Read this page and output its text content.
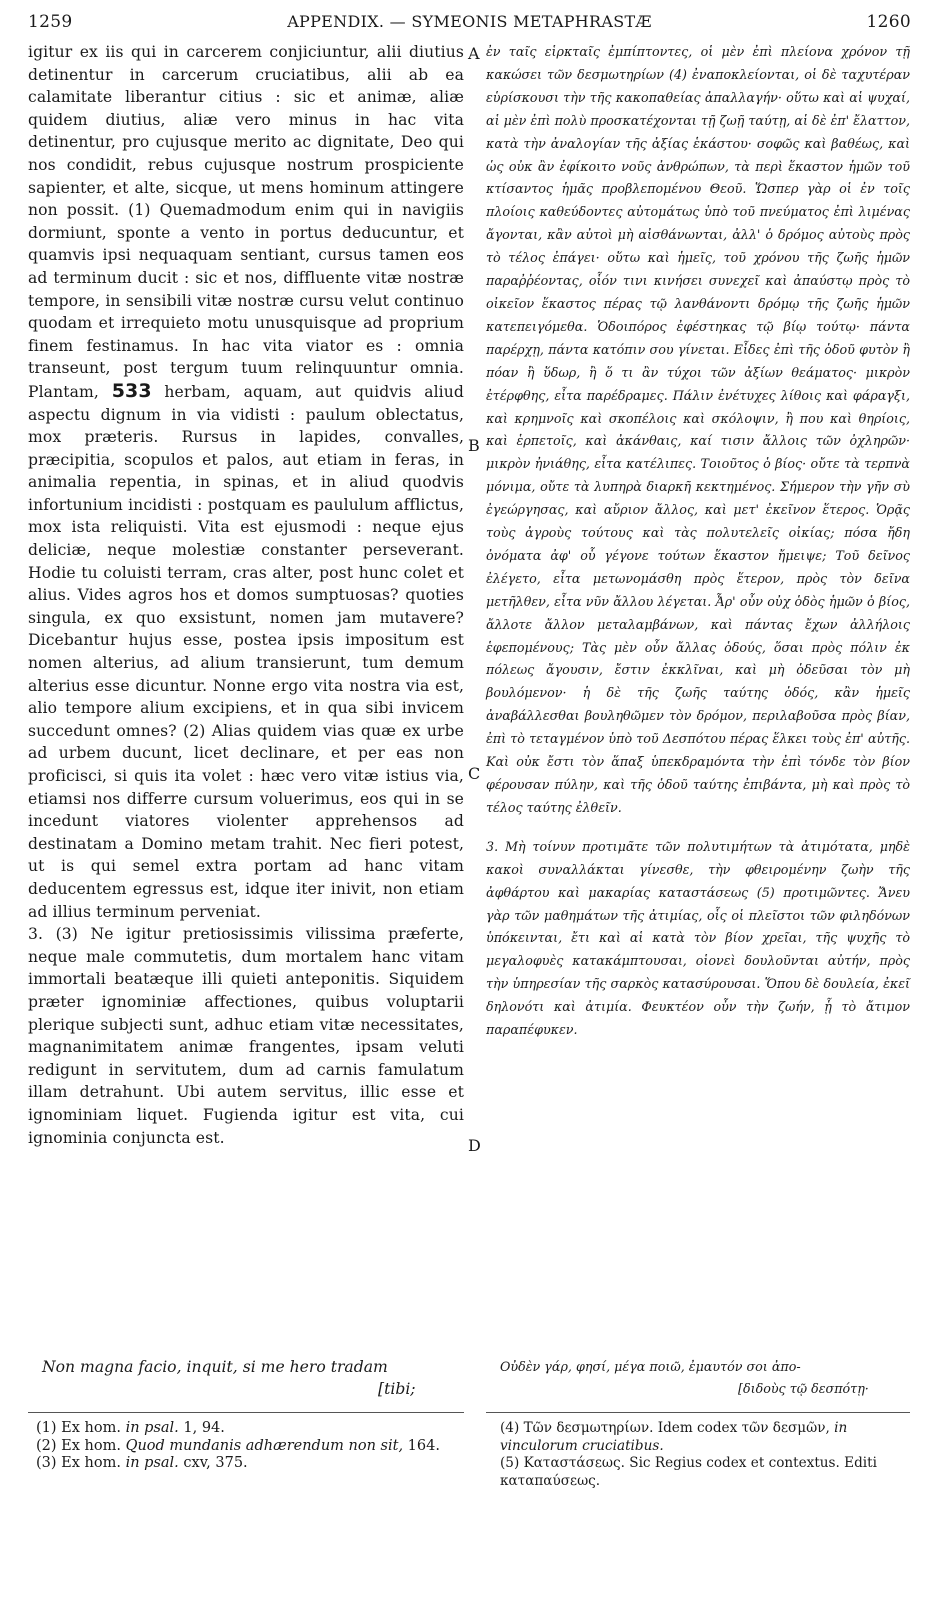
1259	APPENDIX. — SYMEONIS METAPHRASTÆ	1260

igitur ex iis qui in carcerem conjiciuntur, alii diutius detinentur in carcerum cruciatibus, alii ab ea calamitate liberantur citius : sic et animæ, aliæ quidem diutius, aliæ vero minus in hac vita detinentur, pro cujusque merito ac dignitate, Deo qui nos condidit, rebus cujusque nostrum prospiciente sapienter, et alte, sicque, ut mens hominum attingere non possit. (1) Quemadmodum enim qui in navigiis dormiunt, sponte a vento in portus deducuntur, et quamvis ipsi nequaquam sentiant, cursus tamen eos ad terminum ducit : sic et nos, diffluente vitæ nostræ tempore, in sensibili vitæ nostræ cursu velut continuo quodam et irrequieto motu unusquisque ad proprium finem festinamus. In hac vita viator es : omnia transeunt, post tergum tuum relinquuntur omnia. Plantam, 533 herbam, aquam, aut quidvis aliud aspectu dignum in via vidisti : paulum oblectatus, mox præteris. Rursus in lapides, convalles, præcipitia, scopulos et palos, aut etiam in feras, in animalia repentia, in spinas, et in aliud quodvis infortunium incidisti : postquam es paululum afflictus, mox ista reliquisti. Vita est ejusmodi : neque ejus deliciæ, neque molestiæ constanter perseverant. Hodie tu coluisti terram, cras alter, post hunc colet et alius. Vides agros hos et domos sumptuosas? quoties singula, ex quo exsistunt, nomen jam mutavere? Dicebantur hujus esse, postea ipsis impositum est nomen alterius, ad alium transierunt, tum demum alterius esse dicuntur. Nonne ergo vita nostra via est, alio tempore alium excipiens, et in qua sibi invicem succedunt omnes? (2) Alias quidem vias quæ ex urbe ad urbem ducunt, licet declinare, et per eas non proficisci, si quis ita volet : hæc vero vitæ istius via, etiamsi nos differre cursum voluerimus, eos qui in se incedunt viatores violenter apprehensos ad destinatam a Domino metam trahit. Nec fieri potest, ut is qui semel extra portam ad hanc vitam deducentem egressus est, idque iter inivit, non etiam ad illius terminum perveniat.

3. (3) Ne igitur pretiosissimis vilissima præferte, neque male commutetis, dum mortalem hanc vitam immortali beatæque illi quieti anteponitis. Siquidem præter ignominiæ affectiones, quibus voluptarii plerique subjecti sunt, adhuc etiam vitæ necessitates, magnanimitatem animæ frangentes, ipsam veluti redigunt in servitutem, dum ad carnis famulatum illam detrahunt. Ubi autem servitus, illic esse et ignominiam liquet. Fugienda igitur est vita, cui ignominia conjuncta est.

ἐν ταῖς εἱρκταῖς ἐμπίπτοντες, οἱ μὲν ἐπὶ πλείονα χρόνον τῇ κακώσει τῶν δεσμωτηρίων (4) ἐναποκλείονται, οἱ δὲ ταχυτέραν εὑρίσκουσι τὴν τῆς κακοπαθείας ἀπαλλαγήν· οὕτω καὶ αἱ ψυχαί, αἱ μὲν ἐπὶ πολὺ προσκατέχονται τῇ ζωῇ ταύτῃ, αἱ δὲ ἐπ' ἔλαττον, κατὰ τὴν ἀναλογίαν τῆς ἀξίας ἑκάστου· σοφῶς καὶ βαθέως, καὶ ὡς οὐκ ἂν ἐφίκοιτο νοῦς ἀνθρώπων, τὰ περὶ ἕκαστον ἡμῶν τοῦ κτίσαντος ἡμᾶς προβλεπομένου Θεοῦ. Ὥσπερ γὰρ οἱ ἐν τοῖς πλοίοις καθεύδοντες αὐτομάτως ὑπὸ τοῦ πνεύματος ἐπὶ λιμένας ἄγονται, κἂν αὐτοὶ μὴ αἰσθάνωνται, ἀλλ' ὁ δρόμος αὐτοὺς πρὸς τὸ τέλος ἐπάγει· οὕτω καὶ ἡμεῖς, τοῦ χρόνου τῆς ζωῆς ἡμῶν παραῤῥέοντας, οἷόν τινι κινήσει συνεχεῖ καὶ ἀπαύστῳ πρὸς τὸ οἰκεῖον ἕκαστος πέρας τῷ λανθάνοντι δρόμῳ τῆς ζωῆς ἡμῶν κατεπειγόμεθα. Ὁδοιπόρος ἐφέστηκας τῷ βίῳ τούτῳ· πάντα παρέρχῃ, πάντα κατόπιν σου γίνεται. Εἶδες ἐπὶ τῆς ὁδοῦ φυτὸν ἢ πόαν ἢ ὕδωρ, ἢ ὅ τι ἂν τύχοι τῶν ἀξίων θεάματος· μικρὸν ἐτέρφθης, εἶτα παρέδραμες. Πάλιν ἐνέτυχες λίθοις καὶ φάραγξι, καὶ κρημνοῖς καὶ σκοπέλοις καὶ σκόλοψιν, ἢ που καὶ θηρίοις, καὶ ἑρπετοῖς, καὶ ἀκάνθαις, καί τισιν ἄλλοις τῶν ὀχληρῶν· μικρὸν ἠνιάθης, εἶτα κατέλιπες. Τοιοῦτος ὁ βίος· οὔτε τὰ τερπνὰ μόνιμα, οὔτε τὰ λυπηρὰ διαρκῆ κεκτημένος. Σήμερον τὴν γῆν σὺ ἐγεώργησας, καὶ αὔριον ἄλλος, καὶ μετ' ἐκεῖνον ἕτερος. Ὁρᾷς τοὺς ἀγροὺς τούτους καὶ τὰς πολυτελεῖς οἰκίας; πόσα ἤδη ὀνόματα ἀφ' οὗ γέγονε τούτων ἕκαστον ἤμειψε; Τοῦ δεῖνος ἐλέγετο, εἶτα μετωνομάσθη πρὸς ἕτερον, πρὸς τὸν δεῖνα μετῆλθεν, εἶτα νῦν ἄλλου λέγεται. Ἆρ' οὖν οὐχ ὁδὸς ἡμῶν ὁ βίος, ἄλλοτε ἄλλον μεταλαμβάνων, καὶ πάντας ἔχων ἀλλήλοις ἑφεπομένους; Τὰς μὲν οὖν ἄλλας ὁδούς, ὅσαι πρὸς πόλιν ἐκ πόλεως ἄγουσιν, ἔστιν ἐκκλῖναι, καὶ μὴ ὁδεῦσαι τὸν μὴ βουλόμενον· ἡ δὲ τῆς ζωῆς ταύτης ὁδός, κἂν ἡμεῖς ἀναβάλλεσθαι βουληθῶμεν τὸν δρόμον, περιλαβοῦσα πρὸς βίαν, ἐπὶ τὸ τεταγμένον ὑπὸ τοῦ Δεσπότου πέρας ἕλκει τοὺς ἐπ' αὐτῆς. Καὶ οὐκ ἔστι τὸν ἅπαξ ὑπεκδραμόντα τὴν ἐπὶ τόνδε τὸν βίον φέρουσαν πύλην, καὶ τῆς ὁδοῦ ταύτης ἐπιβάντα, μὴ καὶ πρὸς τὸ τέλος ταύτης ἐλθεῖν.

3. Μὴ τοίνυν προτιμᾶτε τῶν πολυτιμήτων τὰ ἀτιμότατα, μηδὲ κακοὶ συναλλάκται γίνεσθε, τὴν φθειρομένην ζωὴν τῆς ἀφθάρτου καὶ μακαρίας καταστάσεως (5) προτιμῶντες. Ἄνευ γὰρ τῶν μαθημάτων τῆς ἀτιμίας, οἷς οἱ πλεῖστοι τῶν φιληδόνων ὑπόκεινται, ἔτι καὶ αἱ κατὰ τὸν βίον χρεῖαι, τῆς ψυχῆς τὸ μεγαλοφυὲς κατακάμπτουσαι, οἱονεὶ δουλοῦνται αὐτήν, πρὸς τὴν ὑπηρεσίαν τῆς σαρκὸς κατασύρουσαι. Ὅπου δὲ δουλεία, ἐκεῖ δηλονότι καὶ ἀτιμία. Φευκτέον οὖν τὴν ζωήν, ᾗ τὸ ἄτιμον παραπέφυκεν.

A
B
C
D
Non magna facio, inquit, si me hero tradam
[tibi;
Οὐδὲν γάρ, φησί, μέγα ποιῶ, ἐμαυτόν σοι ἀπο-
[διδοὺς τῷ δεσπότῃ·

(1) Ex hom. in psal. 1, 94.

(2) Ex hom. Quod mundanis adhærendum non sit, 164.

(3) Ex hom. in psal. cxv, 375.

(4) Τῶν δεσμωτηρίων. Idem codex τῶν δεσμῶν, in vinculorum cruciatibus.

(5) Καταστάσεως. Sic Regius codex et contextus. Editi καταπαύσεως.
